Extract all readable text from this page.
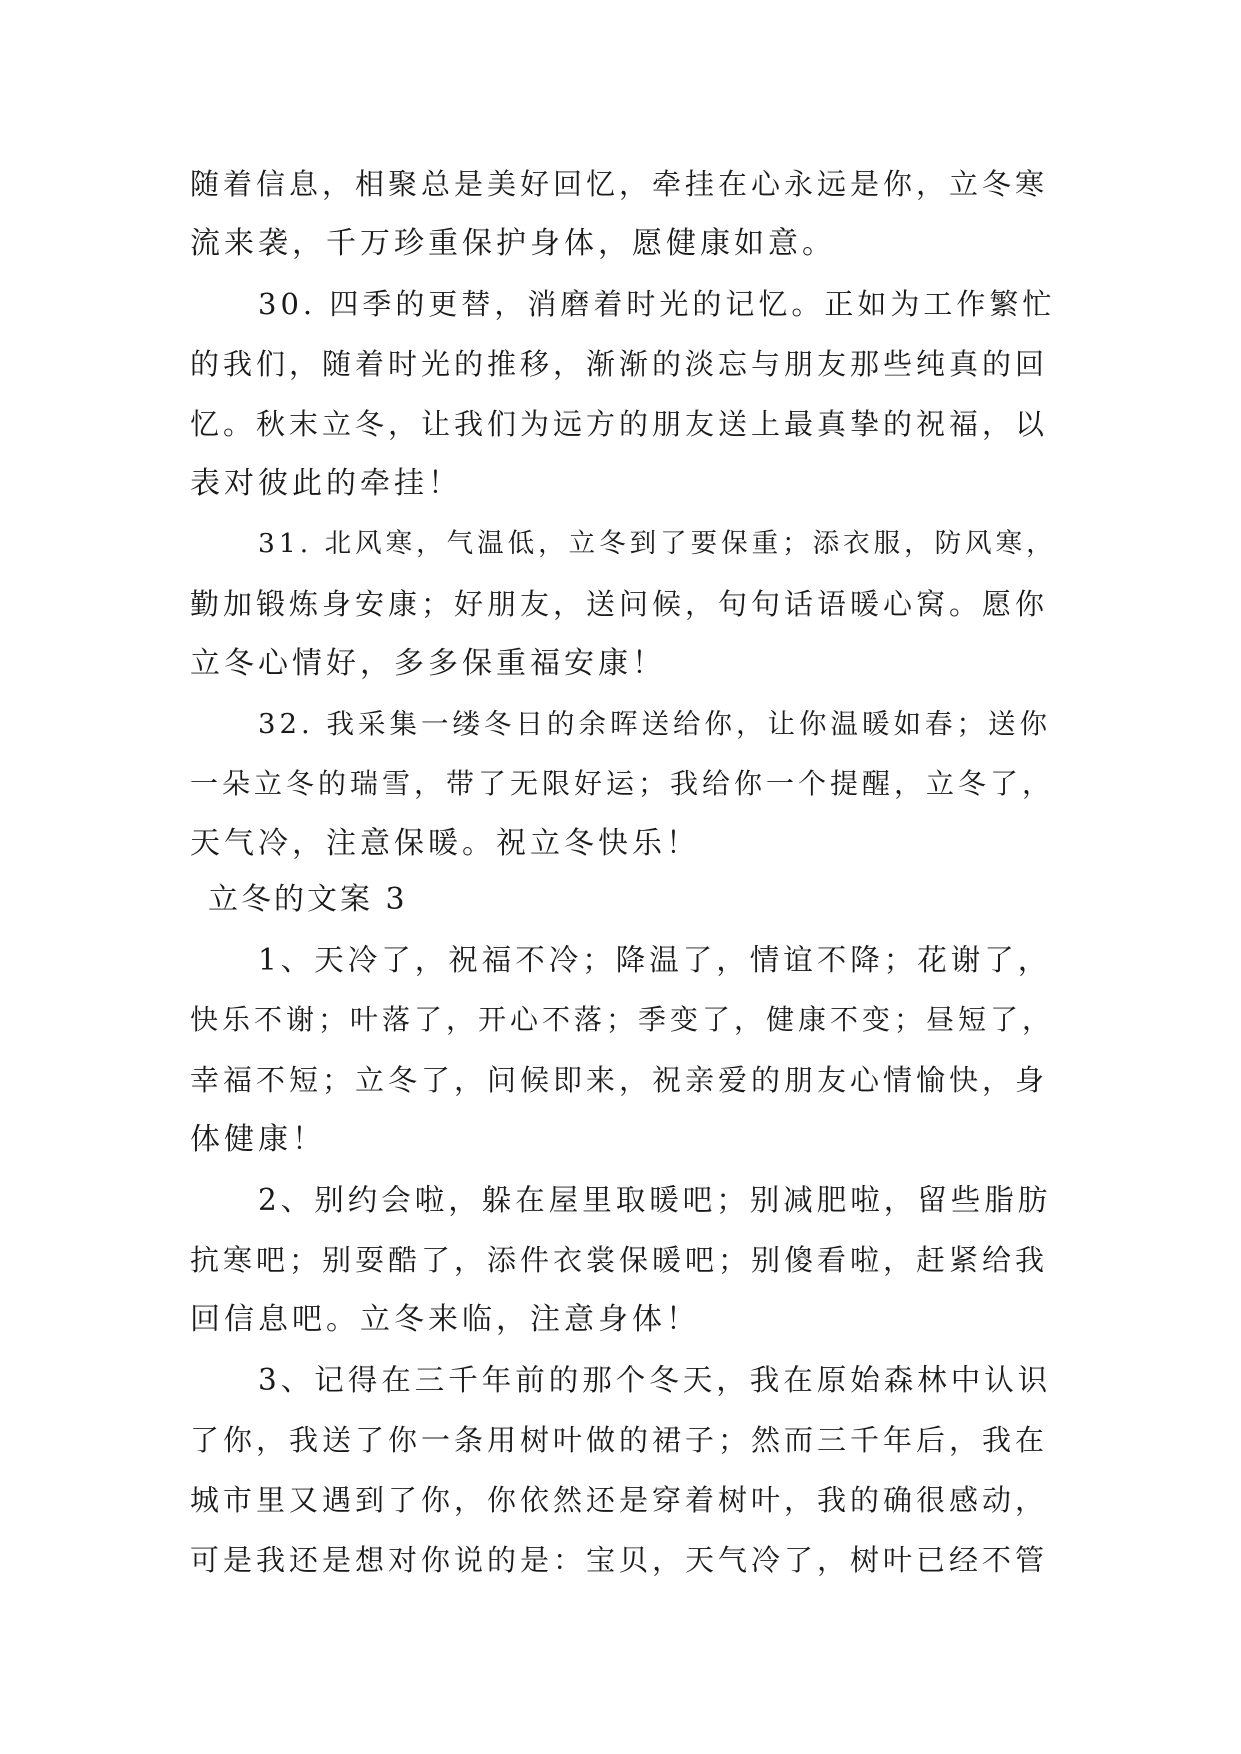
随着信息，相聚总是美好回忆，牵挂在心永远是你，立冬寒
流来袭，千万珍重保护身体，愿健康如意。
30. 四季的更替，消磨着时光的记忆。正如为工作繁忙
的我们，随着时光的推移，渐渐的淡忘与朋友那些纯真的回
忆。秋末立冬，让我们为远方的朋友送上最真挚的祝福，以
表对彼此的牵挂！
31. 北风寒，气温低，立冬到了要保重；添衣服，防风寒，
勤加锻炼身安康；好朋友，送问候，句句话语暖心窝。愿你
立冬心情好，多多保重福安康！
32. 我采集一缕冬日的余晖送给你，让你温暖如春；送你
一朵立冬的瑞雪，带了无限好运；我给你一个提醒，立冬了，
天气冷，注意保暖。祝立冬快乐！
立冬的文案 3
1、天冷了，祝福不冷；降温了，情谊不降；花谢了，
快乐不谢；叶落了，开心不落；季变了，健康不变；昼短了，
幸福不短；立冬了，问候即来，祝亲爱的朋友心情愉快，身
体健康！
2、别约会啦，躲在屋里取暖吧；别减肥啦，留些脂肪
抗寒吧；别耍酷了，添件衣裳保暖吧；别傻看啦，赶紧给我
回信息吧。立冬来临，注意身体！
3、记得在三千年前的那个冬天，我在原始森林中认识
了你，我送了你一条用树叶做的裙子；然而三千年后，我在
城市里又遇到了你，你依然还是穿着树叶，我的确很感动，
可是我还是想对你说的是：宝贝，天气冷了，树叶已经不管
